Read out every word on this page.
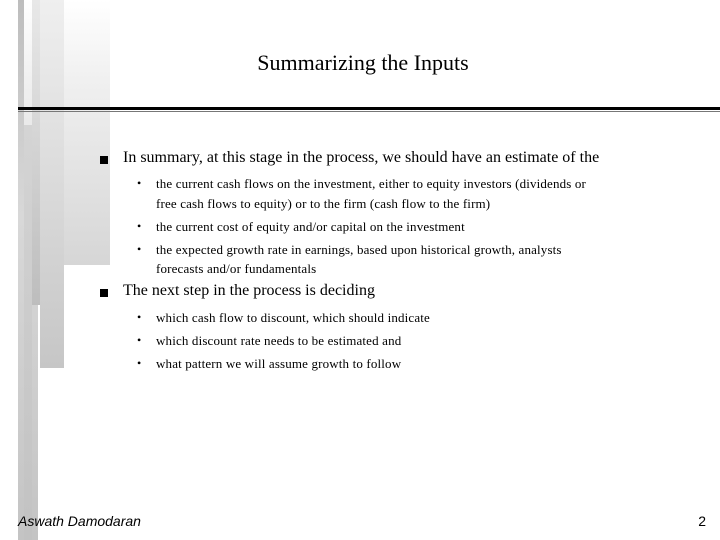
Summarizing the Inputs
In summary, at this stage in the process, we should have an estimate of the
• the current cash flows on the investment, either to equity investors (dividends or
free cash flows to equity) or to the firm (cash flow to the firm)
• the current cost of equity and/or capital on the investment
• the expected growth rate in earnings, based upon historical growth, analysts
forecasts and/or fundamentals
The next step in the process is deciding
• which cash flow to discount, which should indicate
• which discount rate needs to be estimated and
• what pattern we will assume growth to follow
Aswath Damodaran	2
